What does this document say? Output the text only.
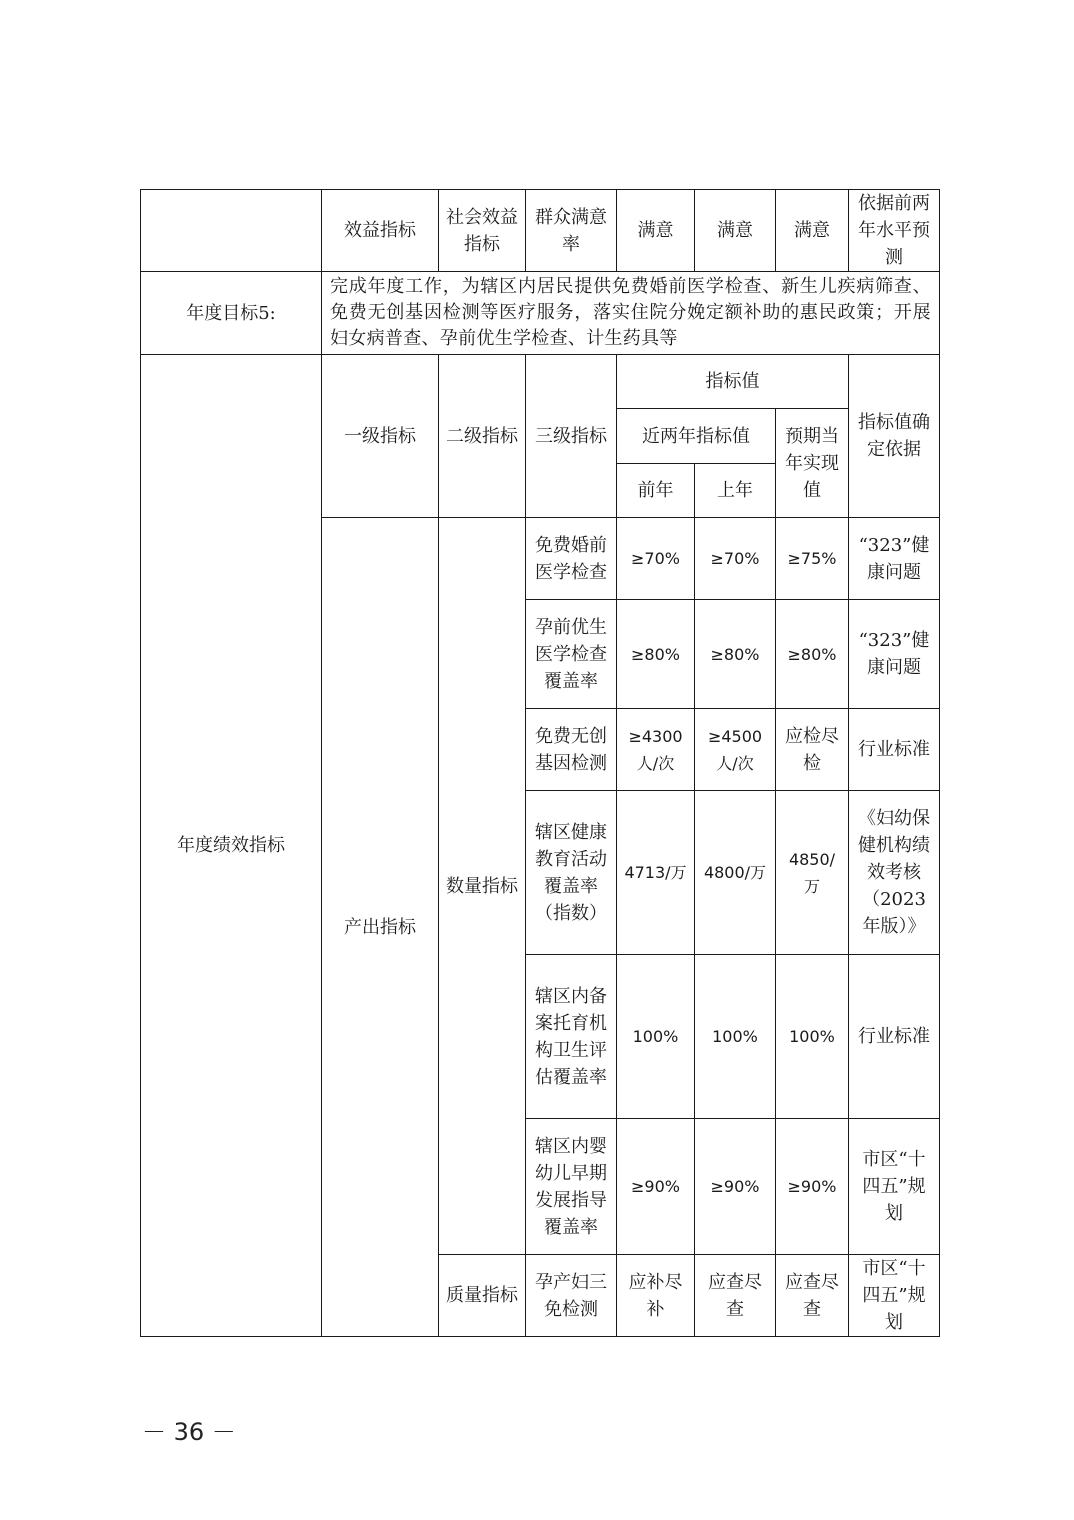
	效益指标	社会效益指标	群众满意率	满意	满意	满意	依据前两年水平预测
年度目标5:	完成年度工作，为辖区内居民提供免费婚前医学检查、新生儿疾病筛查、免费无创基因检测等医疗服务，落实住院分娩定额补助的惠民政策；开展妇女病普查、孕前优生学检查、计生药具等						
年度绩效指标	一级指标	二级指标	三级指标	指标值			指标值确定依据
				近两年指标值		预期当年实现值	
				前年	上年		
	产出指标	数量指标	免费婚前医学检查	≥70%	≥70%	≥75%	“323”健康问题
			孕前优生医学检查覆盖率	≥80%	≥80%	≥80%	“323”健康问题
			免费无创基因检测	≥4300人/次	≥4500人/次	应检尽检	行业标准
			辖区健康教育活动覆盖率（指数）	4713/万	4800/万	4850/万	《妇幼保健机构绩效考核（2023年版）》
			辖区内备案托育机构卫生评估覆盖率	100%	100%	100%	行业标准
			辖区内婴幼儿早期发展指导覆盖率	≥90%	≥90%	≥90%	市区“十四五”规划
		质量指标	孕产妇三免检测	应补尽补	应查尽查	应查尽查	市区“十四五”规划
－ 36 －
